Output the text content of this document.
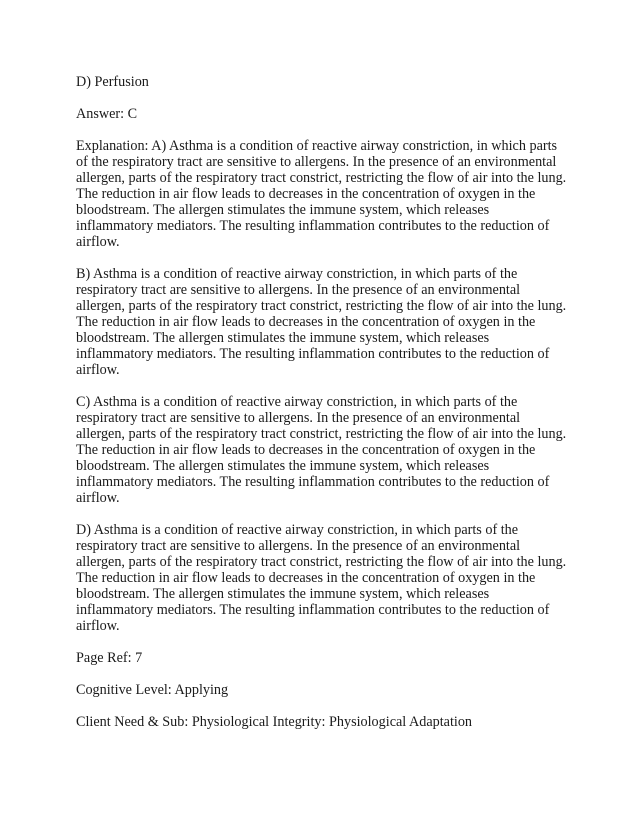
D) Perfusion

Answer: C

Explanation: A) Asthma is a condition of reactive airway constriction, in which parts
of the respiratory tract are sensitive to allergens. In the presence of an environmental
allergen, parts of the respiratory tract constrict, restricting the flow of air into the lung.
The reduction in air flow leads to decreases in the concentration of oxygen in the
bloodstream. The allergen stimulates the immune system, which releases
inflammatory mediators. The resulting inflammation contributes to the reduction of
airflow.

B) Asthma is a condition of reactive airway constriction, in which parts of the
respiratory tract are sensitive to allergens. In the presence of an environmental
allergen, parts of the respiratory tract constrict, restricting the flow of air into the lung.
The reduction in air flow leads to decreases in the concentration of oxygen in the
bloodstream. The allergen stimulates the immune system, which releases
inflammatory mediators. The resulting inflammation contributes to the reduction of
airflow.

C) Asthma is a condition of reactive airway constriction, in which parts of the
respiratory tract are sensitive to allergens. In the presence of an environmental
allergen, parts of the respiratory tract constrict, restricting the flow of air into the lung.
The reduction in air flow leads to decreases in the concentration of oxygen in the
bloodstream. The allergen stimulates the immune system, which releases
inflammatory mediators. The resulting inflammation contributes to the reduction of
airflow.

D) Asthma is a condition of reactive airway constriction, in which parts of the
respiratory tract are sensitive to allergens. In the presence of an environmental
allergen, parts of the respiratory tract constrict, restricting the flow of air into the lung.
The reduction in air flow leads to decreases in the concentration of oxygen in the
bloodstream. The allergen stimulates the immune system, which releases
inflammatory mediators. The resulting inflammation contributes to the reduction of
airflow.

Page Ref: 7

Cognitive Level: Applying

Client Need & Sub: Physiological Integrity: Physiological Adaptation
